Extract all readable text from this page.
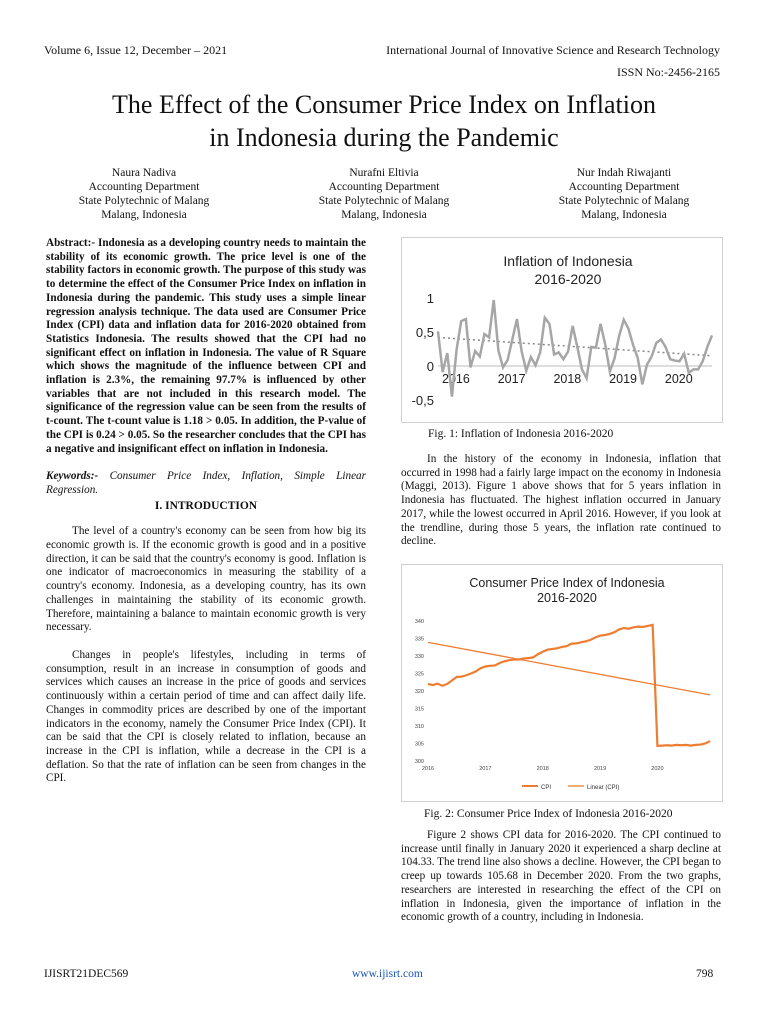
Volume 6, Issue 12, December – 2021	International Journal of Innovative Science and Research Technology
ISSN No:-2456-2165
The Effect of the Consumer Price Index on Inflation
in Indonesia during the Pandemic
Naura Nadiva
Accounting Department
State Polytechnic of Malang
Malang, Indonesia
Nurafni Eltivia
Accounting Department
State Polytechnic of Malang
Malang, Indonesia
Nur Indah Riwajanti
Accounting Department
State Polytechnic of Malang
Malang, Indonesia

Abstract:- Indonesia as a developing country needs to maintain the stability of its economic growth. The price level is one of the stability factors in economic growth. The purpose of this study was to determine the effect of the Consumer Price Index on inflation in Indonesia during the pandemic. This study uses a simple linear regression analysis technique. The data used are Consumer Price Index (CPI) data and inflation data for 2016-2020 obtained from Statistics Indonesia. The results showed that the CPI had no significant effect on inflation in Indonesia. The value of R Square which shows the magnitude of the influence between CPI and inflation is 2.3%, the remaining 97.7% is influenced by other variables that are not included in this research model. The significance of the regression value can be seen from the results of t-count. The t-count value is 1.18 > 0.05. In addition, the P-value of the CPI is 0.24 > 0.05. So the researcher concludes that the CPI has a negative and insignificant effect on inflation in Indonesia.

Keywords:- Consumer Price Index, Inflation, Simple Linear Regression.

I. INTRODUCTION

The level of a country's economy can be seen from how big its economic growth is. If the economic growth is good and in a positive direction, it can be said that the country's economy is good. Inflation is one indicator of macroeconomics in measuring the stability of a country's economy. Indonesia, as a developing country, has its own challenges in maintaining the stability of its economic growth. Therefore, maintaining a balance to maintain economic growth is very necessary.

Changes in people's lifestyles, including in terms of consumption, result in an increase in consumption of goods and services which causes an increase in the price of goods and services continuously within a certain period of time and can affect daily life. Changes in commodity prices are described by one of the important indicators in the economy, namely the Consumer Price Index (CPI). It can be said that the CPI is closely related to inflation, because an increase in the CPI is inflation, while a decrease in the CPI is a deflation. So that the rate of inflation can be seen from changes in the CPI.

Inflation of Indonesia
2016-2020
1
0,5
0
-0,5
2016 2017 2018 2019 2020
Fig. 1: Inflation of Indonesia 2016-2020

In the history of the economy in Indonesia, inflation that occurred in 1998 had a fairly large impact on the economy in Indonesia (Maggi, 2013). Figure 1 above shows that for 5 years inflation in Indonesia has fluctuated. The highest inflation occurred in January 2017, while the lowest occurred in April 2016. However, if you look at the trendline, during those 5 years, the inflation rate continued to decline.

Consumer Price Index of Indonesia
2016-2020
340
335
330
325
320
315
310
305
300
2016	2017	2018	2019	2020
CPI	Linear (CPI)
Fig. 2: Consumer Price Index of Indonesia 2016-2020

Figure 2 shows CPI data for 2016-2020. The CPI continued to increase until finally in January 2020 it experienced a sharp decline at 104.33. The trend line also shows a decline. However, the CPI began to creep up towards 105.68 in December 2020. From the two graphs, researchers are interested in researching the effect of the CPI on inflation in Indonesia, given the importance of inflation in the economic growth of a country, including in Indonesia.

IJISRT21DEC569	www.ijisrt.com	798
